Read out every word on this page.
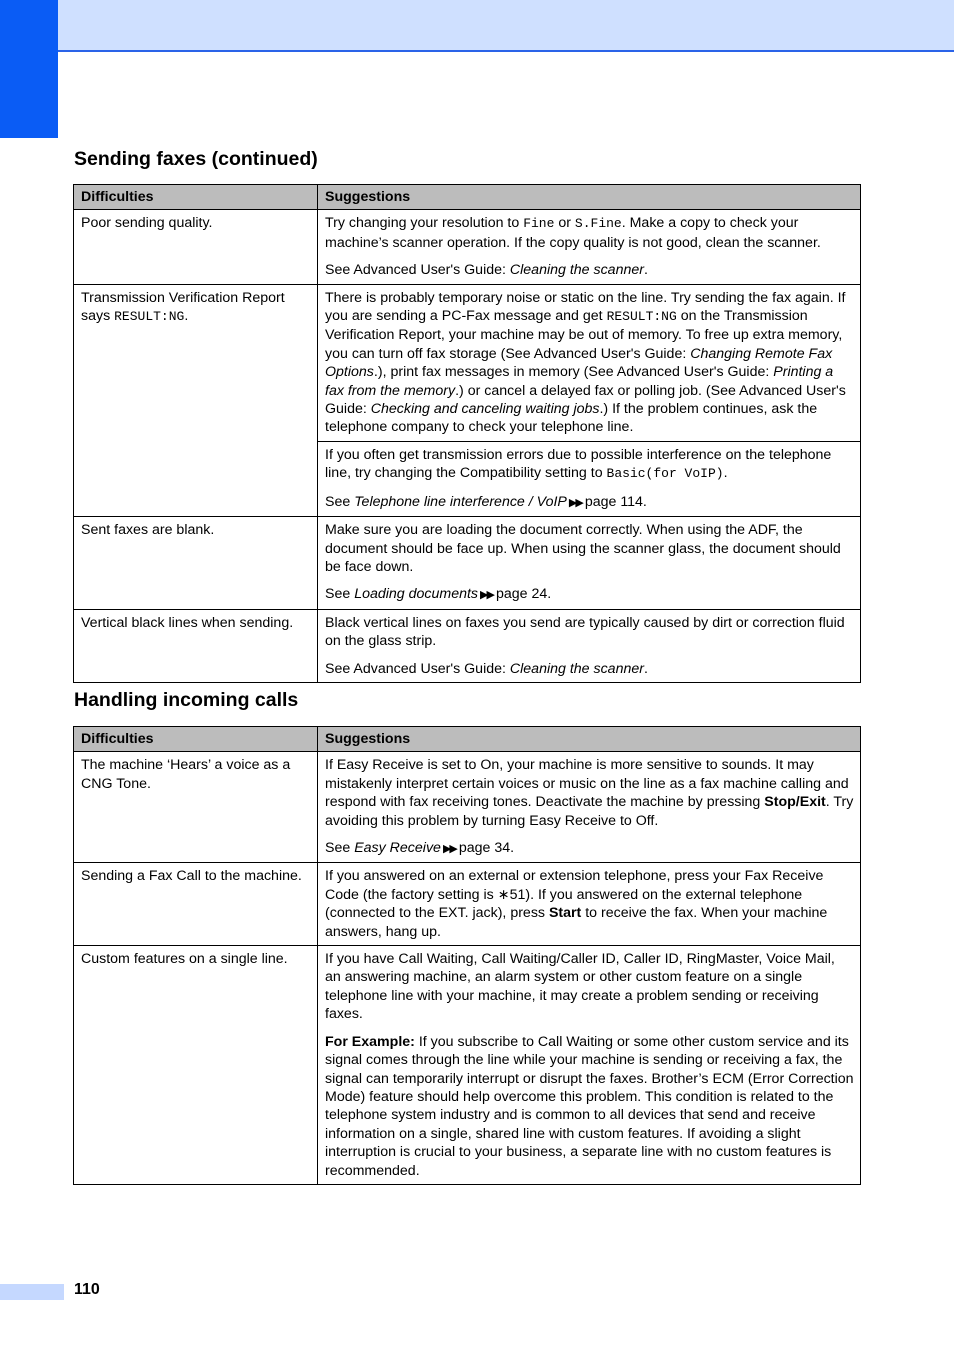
Sending faxes (continued)
Difficulties	Suggestions
Poor sending quality.	Try changing your resolution to Fine or S.Fine. Make a copy to check your machine’s scanner operation. If the copy quality is not good, clean the scanner.

See Advanced User's Guide: Cleaning the scanner.

Transmission Verification Report says RESULT:NG.	There is probably temporary noise or static on the line. Try sending the fax again. If you are sending a PC-Fax message and get RESULT:NG on the Transmission Verification Report, your machine may be out of memory. To free up extra memory, you can turn off fax storage (See Advanced User's Guide: Changing Remote Fax Options.), print fax messages in memory (See Advanced User's Guide: Printing a fax from the memory.) or cancel a delayed fax or polling job. (See Advanced User's Guide: Checking and canceling waiting jobs.) If the problem continues, ask the telephone company to check your telephone line.

	If you often get transmission errors due to possible interference on the telephone line, try changing the Compatibility setting to Basic(for VoIP).

See Telephone line interference / VoIP ▶▶ page 114.

Sent faxes are blank.	Make sure you are loading the document correctly. When using the ADF, the document should be face up. When using the scanner glass, the document should be face down.

See Loading documents ▶▶ page 24.

Vertical black lines when sending.	Black vertical lines on faxes you send are typically caused by dirt or correction fluid on the glass strip.

See Advanced User's Guide: Cleaning the scanner.

Handling incoming calls
Difficulties	Suggestions
The machine ‘Hears’ a voice as a CNG Tone.	If Easy Receive is set to On, your machine is more sensitive to sounds. It may mistakenly interpret certain voices or music on the line as a fax machine calling and respond with fax receiving tones. Deactivate the machine by pressing Stop/Exit. Try avoiding this problem by turning Easy Receive to Off.

See Easy Receive ▶▶ page 34.

Sending a Fax Call to the machine.	If you answered on an external or extension telephone, press your Fax Receive Code (the factory setting is ∗51). If you answered on the external telephone (connected to the EXT. jack), press Start to receive the fax. When your machine answers, hang up.

Custom features on a single line.	If you have Call Waiting, Call Waiting/Caller ID, Caller ID, RingMaster, Voice Mail, an answering machine, an alarm system or other custom feature on a single telephone line with your machine, it may create a problem sending or receiving faxes.

For Example: If you subscribe to Call Waiting or some other custom service and its signal comes through the line while your machine is sending or receiving a fax, the signal can temporarily interrupt or disrupt the faxes. Brother’s ECM (Error Correction Mode) feature should help overcome this problem. This condition is related to the telephone system industry and is common to all devices that send and receive information on a single, shared line with custom features. If avoiding a slight interruption is crucial to your business, a separate line with no custom features is recommended.

110
